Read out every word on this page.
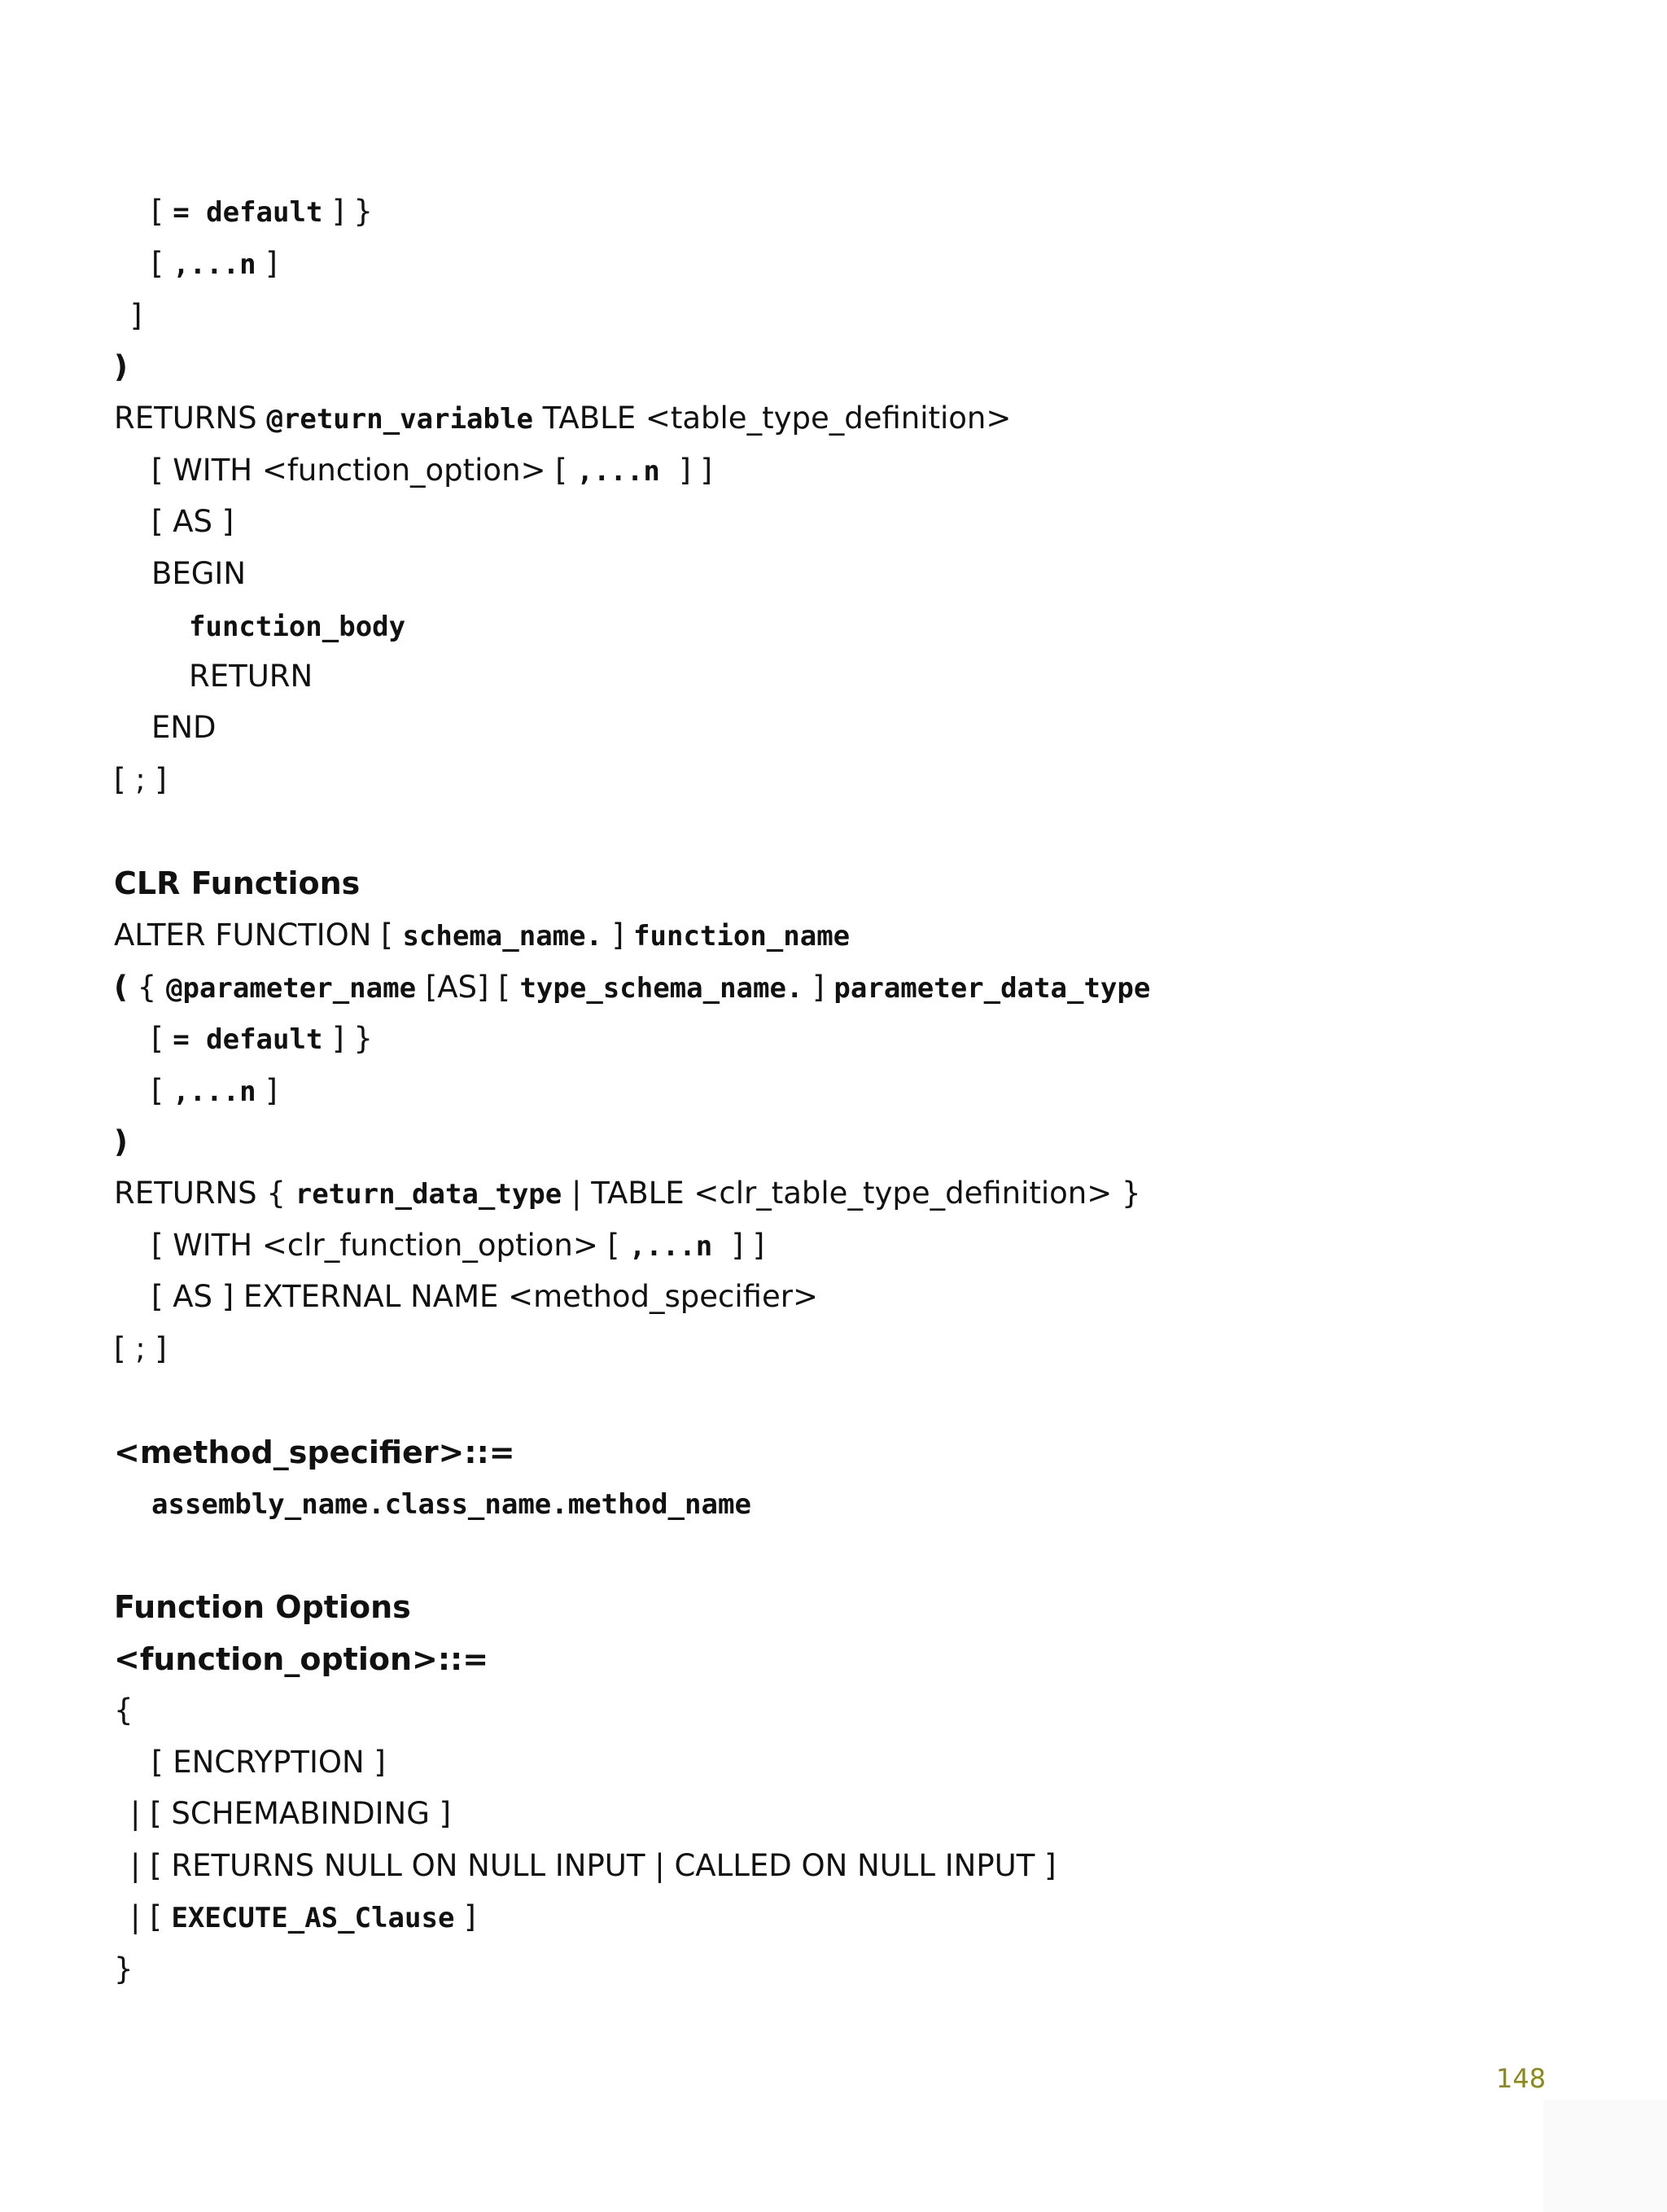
[ = default ] }
[ ,...n ]
]
)
RETURNS @return_variable TABLE <table_type_definition>
[ WITH <function_option> [ ,...n  ] ]
[ AS ]
BEGIN
function_body
RETURN
END
[ ; ]
CLR Functions
ALTER FUNCTION [ schema_name. ] function_name
( { @parameter_name [AS] [ type_schema_name. ] parameter_data_type
[ = default ] }
[ ,...n ]
)
RETURNS { return_data_type | TABLE <clr_table_type_definition> }
[ WITH <clr_function_option> [ ,...n  ] ]
[ AS ] EXTERNAL NAME <method_specifier>
[ ; ]
<method_specifier>::=
assembly_name.class_name.method_name
Function Options
<function_option>::=
{
[ ENCRYPTION ]
| [ SCHEMABINDING ]
| [ RETURNS NULL ON NULL INPUT | CALLED ON NULL INPUT ]
| [ EXECUTE_AS_Clause ]
}
148
